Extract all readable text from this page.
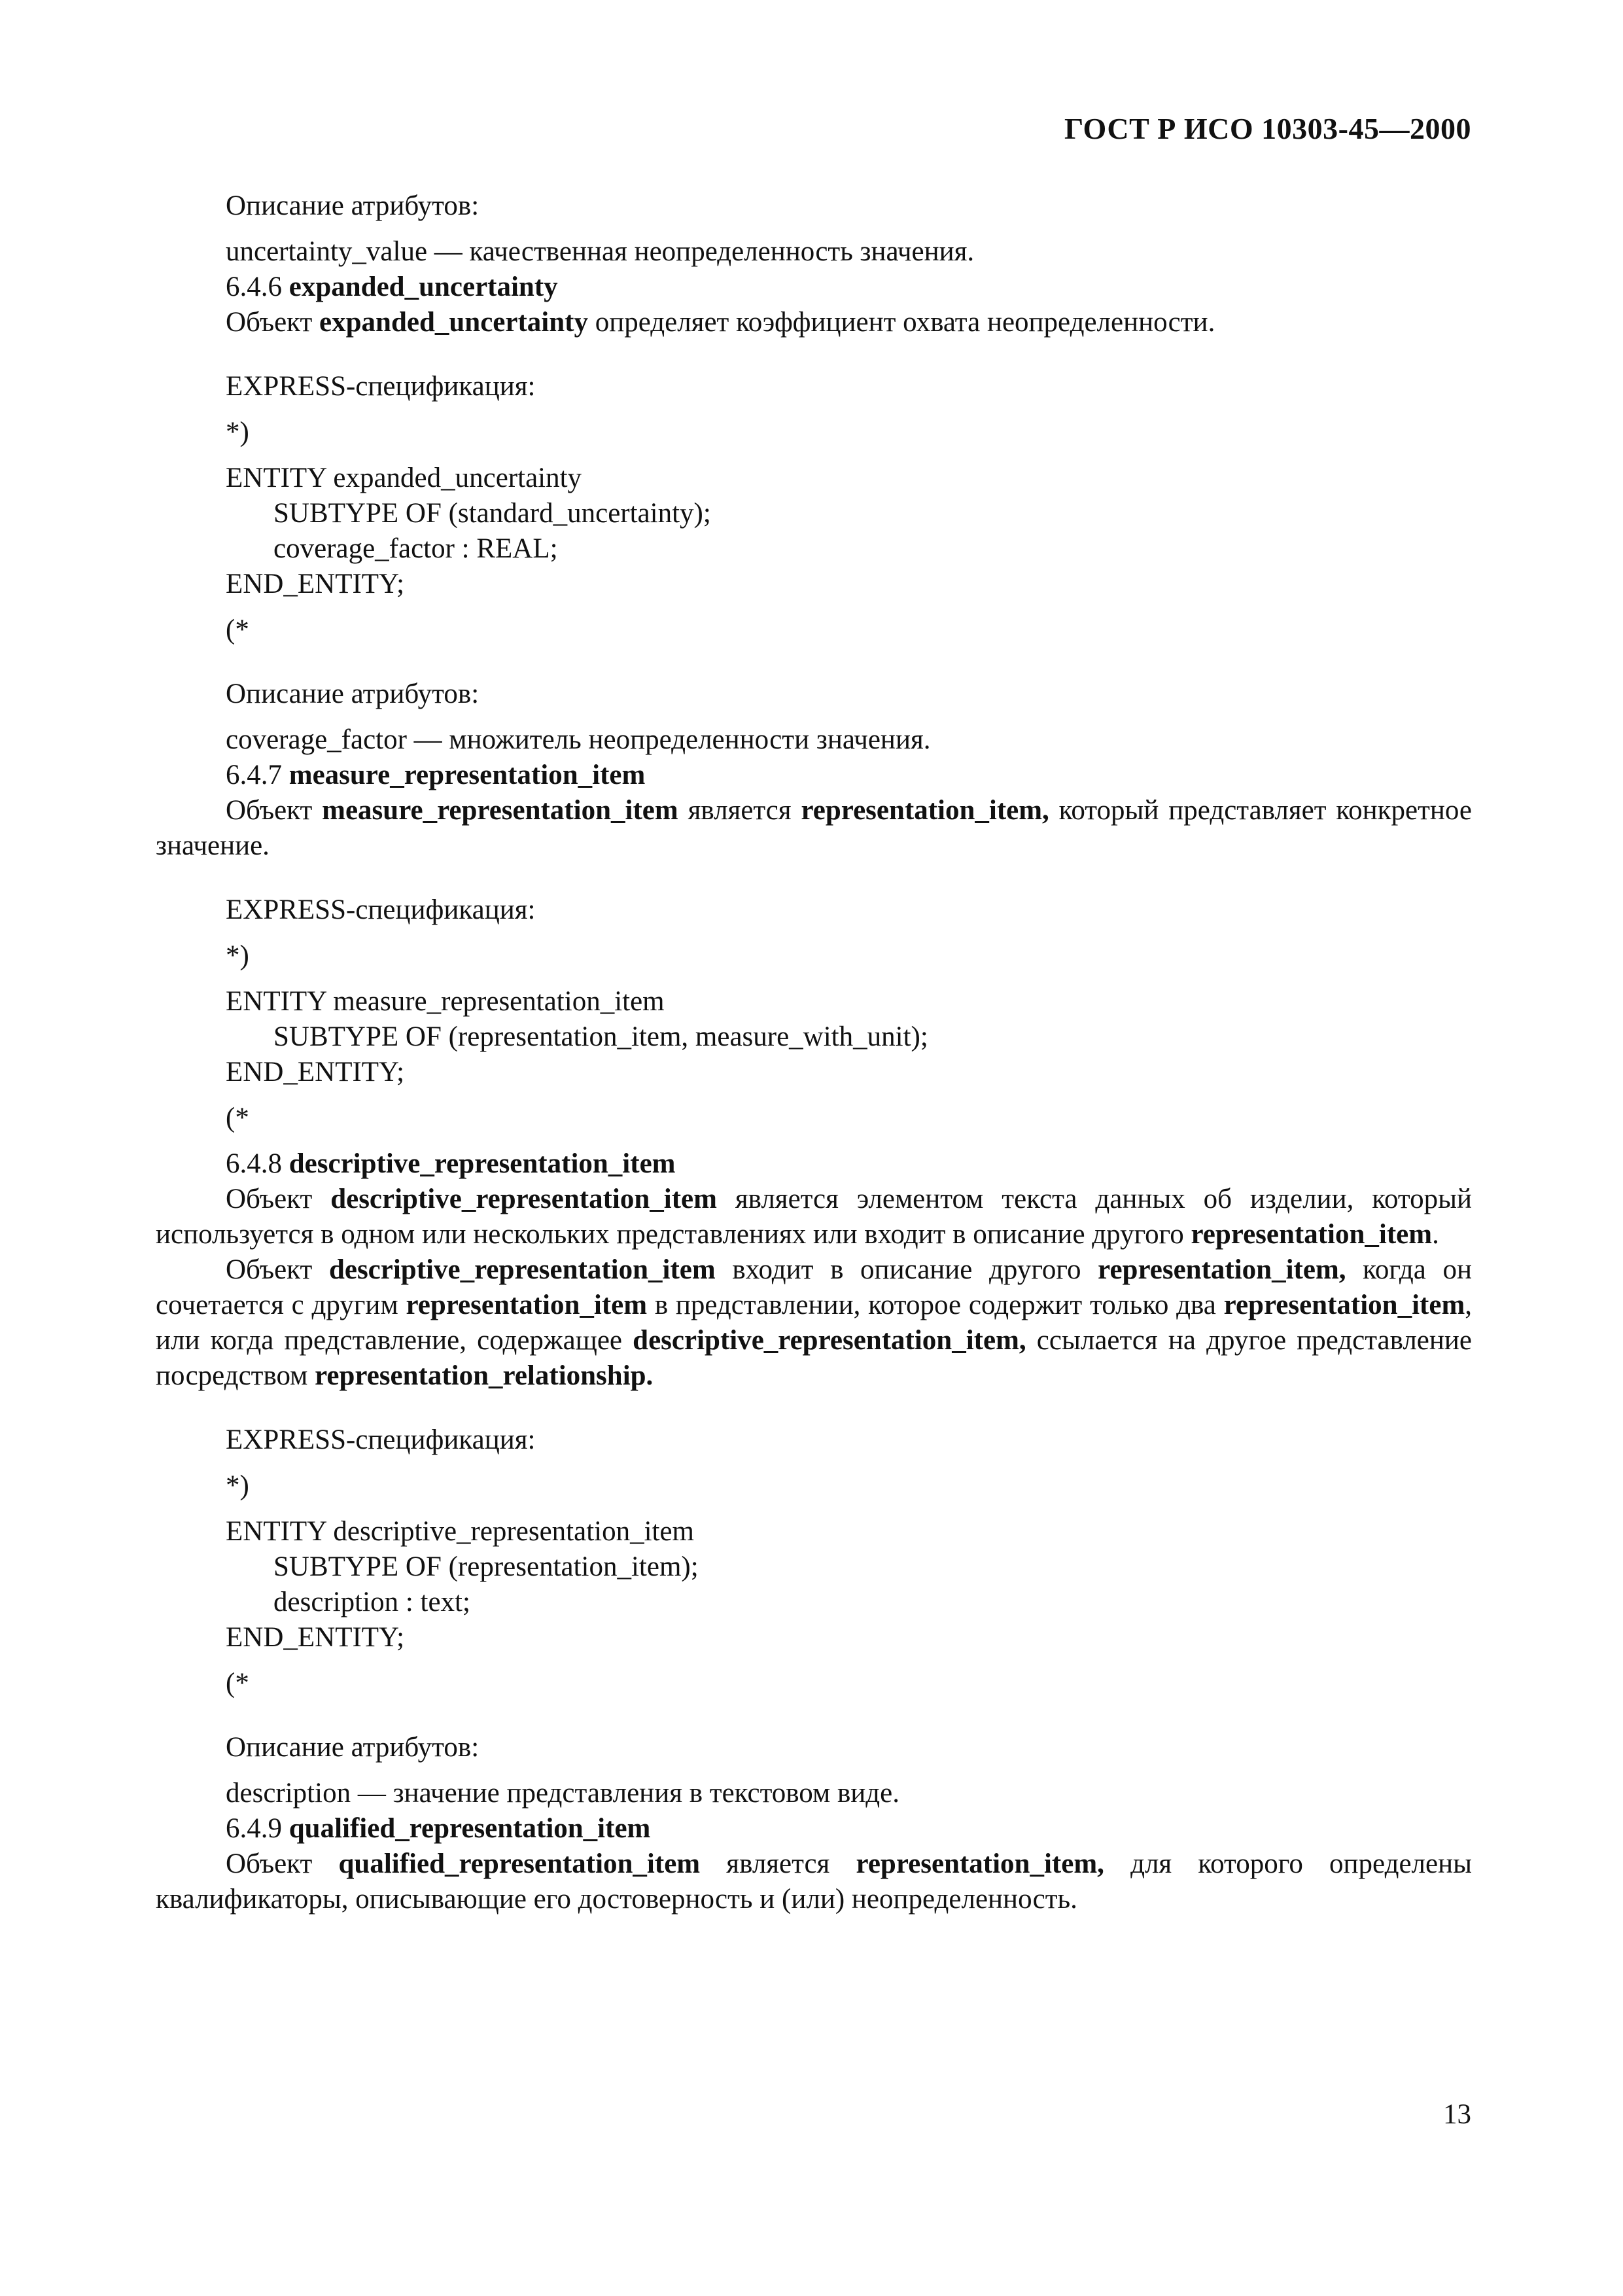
ГОСТ Р ИСО 10303-45—2000
Описание атрибутов:
uncertainty_value — качественная неопределенность значения.
6.4.6 expanded_uncertainty
Объект expanded_uncertainty определяет коэффициент охвата неопределенности.
EXPRESS-спецификация:
*)
ENTITY expanded_uncertainty
SUBTYPE OF (standard_uncertainty);
coverage_factor : REAL;
END_ENTITY;
(*
Описание атрибутов:
coverage_factor — множитель неопределенности значения.
6.4.7 measure_representation_item
Объект measure_representation_item является representation_item, который представляет конкретное значение.
EXPRESS-спецификация:
*)
ENTITY measure_representation_item
SUBTYPE OF (representation_item, measure_with_unit);
END_ENTITY;
(*
6.4.8 descriptive_representation_item
Объект descriptive_representation_item является элементом текста данных об изделии, который используется в одном или нескольких представлениях или входит в описание другого representation_item.
Объект descriptive_representation_item входит в описание другого representation_item, когда он сочетается с другим representation_item в представлении, которое содержит только два representation_item, или когда представление, содержащее descriptive_representation_item, ссылается на другое представление посредством representation_relationship.
EXPRESS-спецификация:
*)
ENTITY descriptive_representation_item
SUBTYPE OF (representation_item);
description : text;
END_ENTITY;
(*
Описание атрибутов:
description — значение представления в текстовом виде.
6.4.9 qualified_representation_item
Объект qualified_representation_item является representation_item, для которого определены квалификаторы, описывающие его достоверность и (или) неопределенность.
13
